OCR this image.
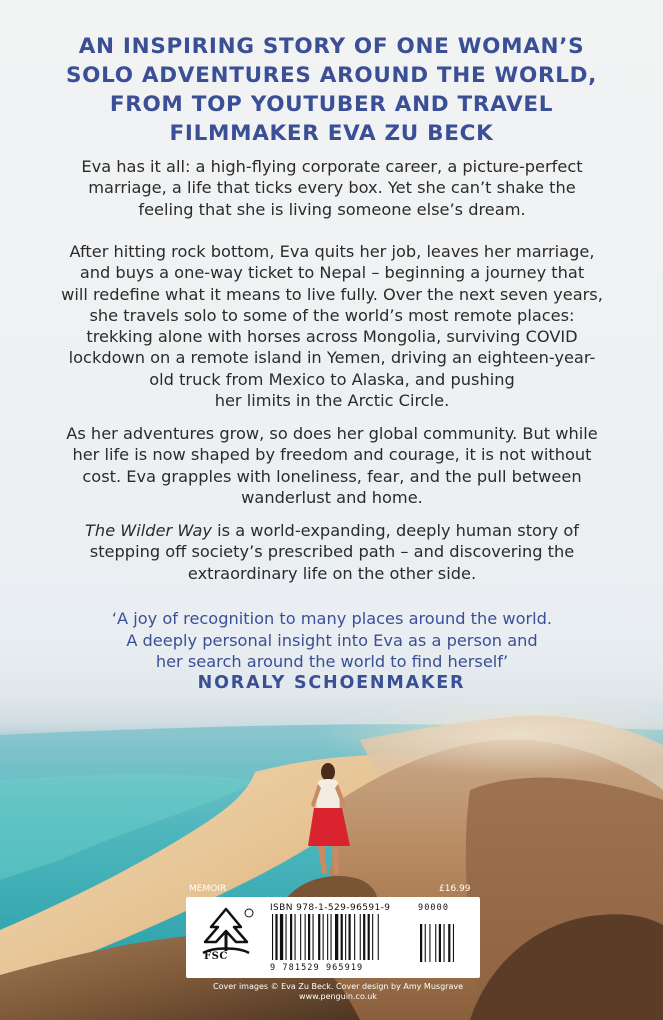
AN INSPIRING STORY OF ONE WOMAN’S
SOLO ADVENTURES AROUND THE WORLD,
FROM TOP YOUTUBER AND TRAVEL
FILMMAKER EVA ZU BECK

Eva has it all: a high-flying corporate career, a picture-perfect
marriage, a life that ticks every box. Yet she can’t shake the
feeling that she is living someone else’s dream.

After hitting rock bottom, Eva quits her job, leaves her marriage,
and buys a one-way ticket to Nepal – beginning a journey that
will redefine what it means to live fully. Over the next seven years,
she travels solo to some of the world’s most remote places:
trekking alone with horses across Mongolia, surviving COVID
lockdown on a remote island in Yemen, driving an eighteen-year-
old truck from Mexico to Alaska, and pushing
her limits in the Arctic Circle.

As her adventures grow, so does her global community. But while
her life is now shaped by freedom and courage, it is not without
cost. Eva grapples with loneliness, fear, and the pull between
wanderlust and home.

The Wilder Way is a world-expanding, deeply human story of
stepping off society’s prescribed path – and discovering the
extraordinary life on the other side.

‘A joy of recognition to many places around the world.
A deeply personal insight into Eva as a person and
her search around the world to find herself’

NORALY SCHOENMAKER

MEMOIR	£16.99
FSC
ISBN 978-1-529-96591-9
9 781529 965919
90000
Cover images © Eva Zu Beck. Cover design by Amy Musgrave
www.penguin.co.uk
